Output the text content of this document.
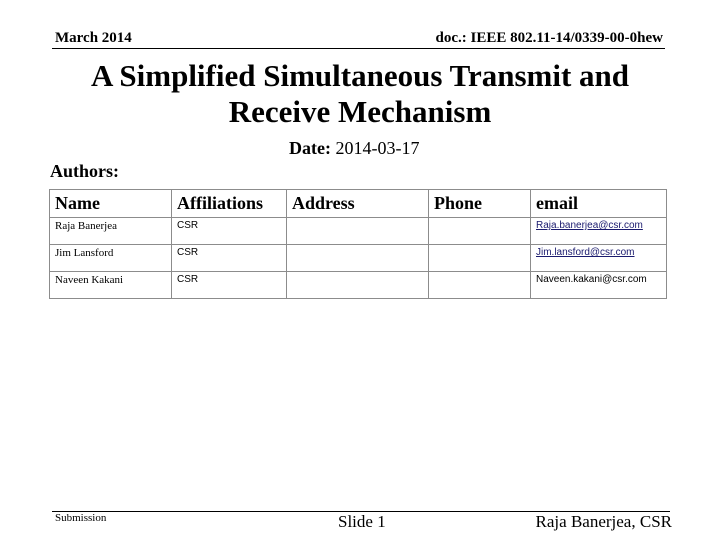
March 2014	doc.: IEEE 802.11-14/0339-00-0hew
A Simplified Simultaneous Transmit and
Receive Mechanism
Date: 2014-03-17
Authors:
Name	Affiliations	Address	Phone	email
Raja Banerjea	CSR			Raja.banerjea@csr.com
Jim Lansford	CSR			Jim.lansford@csr.com
Naveen Kakani	CSR			Naveen.kakani@csr.com
Submission	Slide 1	Raja Banerjea, CSR
